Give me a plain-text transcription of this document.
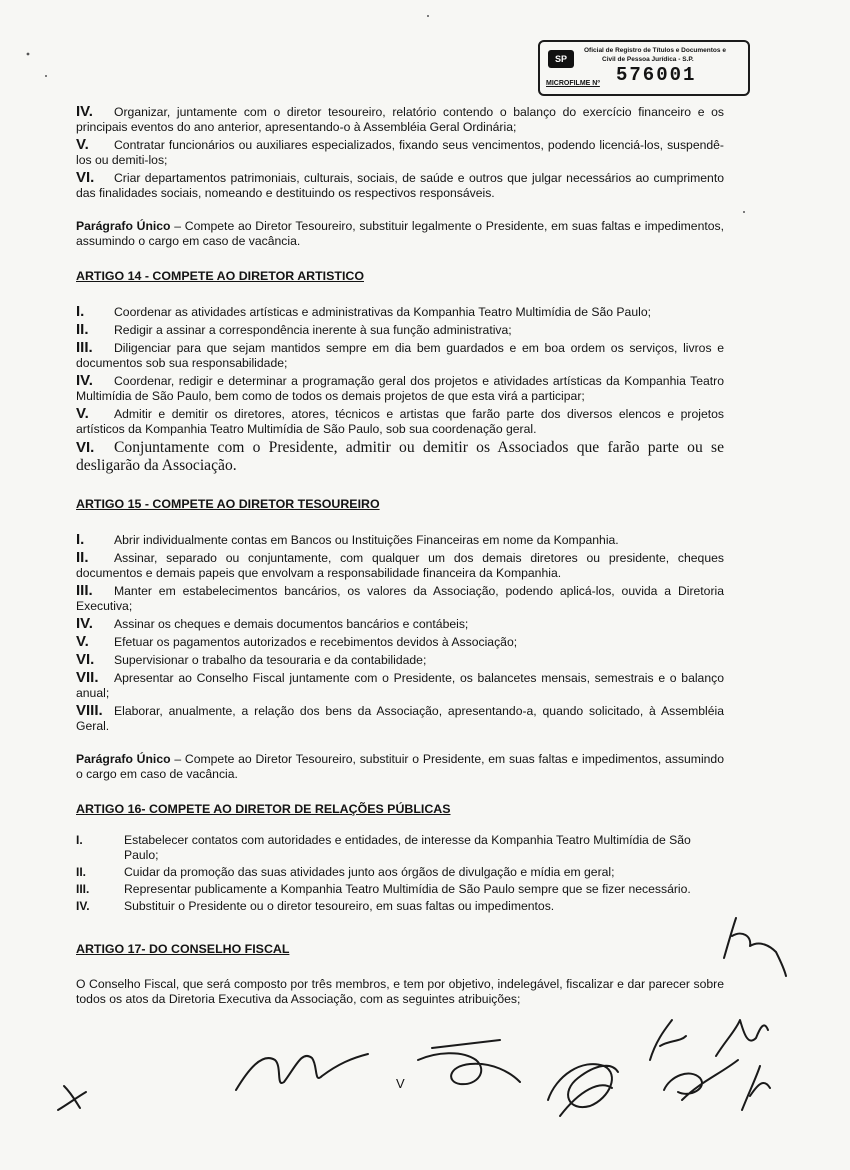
SP
Oficial de Registro de Títulos e Documentos e
Civil de Pessoa Jurídica - S.P.
576001
MICROFILME Nº
IV. Organizar, juntamente com o diretor tesoureiro, relatório contendo o balanço do exercício financeiro e os principais eventos do ano anterior, apresentando-o à Assembléia Geral Ordinária;
V. Contratar funcionários ou auxiliares especializados, fixando seus vencimentos, podendo licenciá-los, suspendê-los ou demiti-los;
VI. Criar departamentos patrimoniais, culturais, sociais, de saúde e outros que julgar necessários ao cumprimento das finalidades sociais, nomeando e destituindo os respectivos responsáveis.
Parágrafo Único – Compete ao Diretor Tesoureiro, substituir legalmente o Presidente, em suas faltas e impedimentos, assumindo o cargo em caso de vacância.
ARTIGO 14 - COMPETE AO DIRETOR ARTISTICO
I. Coordenar as atividades artísticas e administrativas da Kompanhia Teatro Multimídia de São Paulo;
II. Redigir a assinar a correspondência inerente à sua função administrativa;
III. Diligenciar para que sejam mantidos sempre em dia bem guardados e em boa ordem os serviços, livros e documentos sob sua responsabilidade;
IV. Coordenar, redigir e determinar a programação geral dos projetos e atividades artísticas da Kompanhia Teatro Multimídia de São Paulo, bem como de todos os demais projetos de que esta virá a participar;
V. Admitir e demitir os diretores, atores, técnicos e artistas que farão parte dos diversos elencos e projetos artísticos da Kompanhia Teatro Multimídia de São Paulo, sob sua coordenação geral.
VI. Conjuntamente com o Presidente, admitir ou demitir os Associados que farão parte ou se desligarão da Associação.
ARTIGO 15 - COMPETE AO DIRETOR TESOUREIRO
I. Abrir individualmente contas em Bancos ou Instituições Financeiras em nome da Kompanhia.
II. Assinar, separado ou conjuntamente, com qualquer um dos demais diretores ou presidente, cheques documentos e demais papeis que envolvam a responsabilidade financeira da Kompanhia.
III. Manter em estabelecimentos bancários, os valores da Associação, podendo aplicá-los, ouvida a Diretoria Executiva;
IV. Assinar os cheques e demais documentos bancários e contábeis;
V. Efetuar os pagamentos autorizados e recebimentos devidos à Associação;
VI. Supervisionar o trabalho da tesouraria e da contabilidade;
VII. Apresentar ao Conselho Fiscal juntamente com o Presidente, os balancetes mensais, semestrais e o balanço anual;
VIII. Elaborar, anualmente, a relação dos bens da Associação, apresentando-a, quando solicitado, à Assembléia Geral.
Parágrafo Único – Compete ao Diretor Tesoureiro, substituir o Presidente, em suas faltas e impedimentos, assumindo o cargo em caso de vacância.
ARTIGO 16- COMPETE AO DIRETOR DE RELAÇÕES PÚBLICAS
I.	Estabelecer contatos com autoridades e entidades, de interesse da Kompanhia Teatro Multimídia de São Paulo;
II.	Cuidar da promoção das suas atividades junto aos órgãos de divulgação e mídia em geral;
III.	Representar publicamente a Kompanhia Teatro Multimídia de São Paulo sempre que se fizer necessário.
IV.	Substituir o Presidente ou o diretor tesoureiro, em suas faltas ou impedimentos.
ARTIGO 17- DO CONSELHO FISCAL
O Conselho Fiscal, que será composto por três membros, e tem por objetivo, indelegável, fiscalizar e dar parecer sobre todos os atos da Diretoria Executiva da Associação, com as seguintes atribuições;
V
